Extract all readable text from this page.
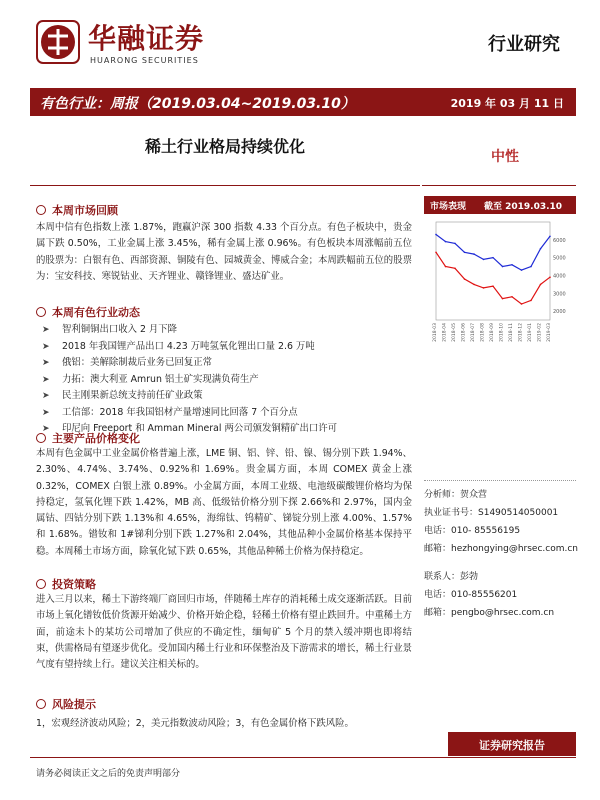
华融证券
HUARONG SECURITIES
行业研究
有色行业：周报（2019.03.04~2019.03.10）	2019 年 03 月 11 日
稀土行业格局持续优化
中性
本周市场回顾
本周中信有色指数上涨 1.87%，跑赢沪深 300 指数 4.33 个百分点。有色子板块中，贵金属下跌 0.50%，工业金属上涨 3.45%，稀有金属上涨 0.96%。有色板块本周涨幅前五位的股票为：白银有色、西部资源、铜陵有色、园城黄金、博威合金；本周跌幅前五位的股票为：宝安科技、寒锐钴业、天齐锂业、赣锋锂业、盛达矿业。
本周有色行业动态
➤ 智利铜铜出口收入 2 月下降
➤ 2018 年我国锂产品出口 4.23 万吨氢氧化锂出口量 2.6 万吨
➤ 俄铝：美解除制裁后业务已回复正常
➤ 力拓：澳大利亚 Amrun 铝土矿实现满负荷生产
➤ 民主刚果新总统支持前任矿业政策
➤ 工信部：2018 年我国铝材产量增速同比回落 7 个百分点
➤ 印尼向 Freeport 和 Amman Mineral 两公司颁发铜精矿出口许可
主要产品价格变化
本周有色金属中工业金属价格普遍上涨，LME 铜、铝、锌、铅、镍、锡分别下跌 1.94%、2.30%、4.74%、3.74%、0.92%和 1.69%。贵金属方面，本周 COMEX 黄金上涨 0.32%，COMEX 白银上涨 0.89%。小金属方面，本周工业级、电池级碳酸锂价格均为保持稳定，氢氧化锂下跌 1.42%，MB 高、低级钴价格分别下探 2.66%和 2.97%，国内金属钴、四钴分别下跌 1.13%和 4.65%，海绵钛、钨精矿、锑锭分别上涨 4.00%、1.57%和 1.68%。镨钕和 1#锑利分别下跌 1.27%和 2.04%，其他品种小金属价格基本保持平稳。本周稀土市场方面，除氧化铽下跌 0.65%，其他品种稀土价格为保持稳定。
投资策略
进入三月以来，稀土下游终端厂商回归市场，伴随稀土库存的消耗稀土成交逐渐活跃。目前市场上氧化镨钕低价货源开始减少、价格开始企稳，轻稀土价格有望止跌回升。中重稀土方面，前途未卜的某坊公司增加了供应的不确定性，缅甸矿 5 个月的禁入缓冲期也即将结束，供需格局有望逐步优化。受加国内稀土行业和环保整治及下游需求的增长，稀土行业景气度有望持续上行。建议关注相关标的。
风险提示
1，宏观经济波动风险；2，美元指数波动风险；3，有色金属价格下跌风险。
市场表现 截至 2019.03.10
2000
3000
4000
5000
6000
2018-03 2018-04 2018-05 2018-06 2018-07 2018-08 2018-09 2018-10 2018-11 2018-12 2019-01 2019-02 2019-03
分析师：贺众营
执业证书号：S1490514050001
电话：010- 85556195
邮箱：hezhongying@hrsec.com.cn
联系人：彭勃
电话：010-85556201
邮箱：pengbo@hrsec.com.cn
证券研究报告
请务必阅读正文之后的免责声明部分
